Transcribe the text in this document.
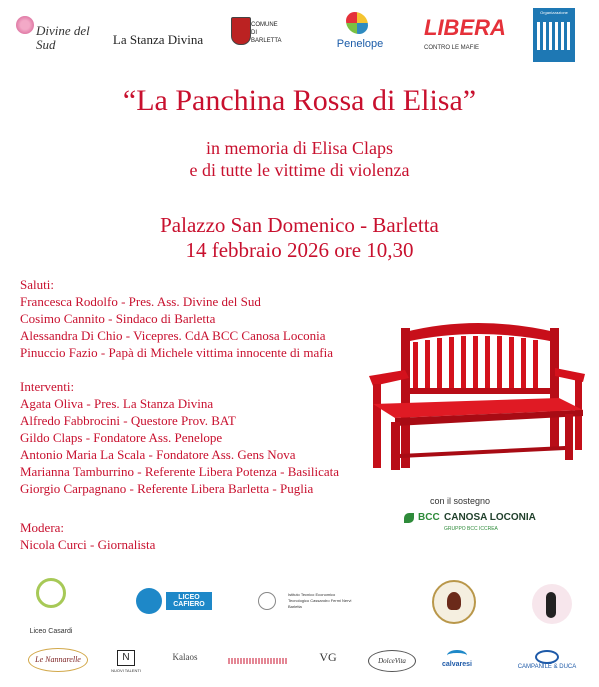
Divine del Sud	La Stanza Divina
COMUNE DI BARLETTA	Penelope
LIBERA
CONTRO LE MAFIE
Organizzazione
“La Panchina Rossa di Elisa”
in memoria di Elisa Claps
e di tutte le vittime di violenza
Palazzo San Domenico - Barletta
14 febbraio 2026 ore 10,30
Saluti:
Francesca Rodolfo - Pres. Ass. Divine del Sud
Cosimo Cannito - Sindaco di Barletta
Alessandra Di Chio - Vicepres. CdA BCC Canosa Loconia
Pinuccio Fazio - Papà di Michele vittima innocente di mafia
Interventi:
Agata Oliva - Pres. La Stanza Divina
Alfredo Fabbrocini - Questore Prov. BAT
Gildo Claps - Fondatore Ass. Penelope
Antonio Maria La Scala - Fondatore Ass. Gens Nova
Marianna Tamburrino - Referente Libera Potenza - Basilicata
Giorgio Carpagnano - Referente Libera Barletta - Puglia
Modera:
Nicola Curci - Giornalista
con il sostegno
BCC CANOSA LOCONIA
GRUPPO BCC ICCREA
Liceo Casardi
LICEO CAFIERO
Istituto Tecnico Economico Tecnologico Cassandro Fermi Nervi Barletta
Le Nannarelle	N
NUOVI TALENTI
Kalaos	VG	DolceVita	calvaresi	CAMPANILE & DUCA
